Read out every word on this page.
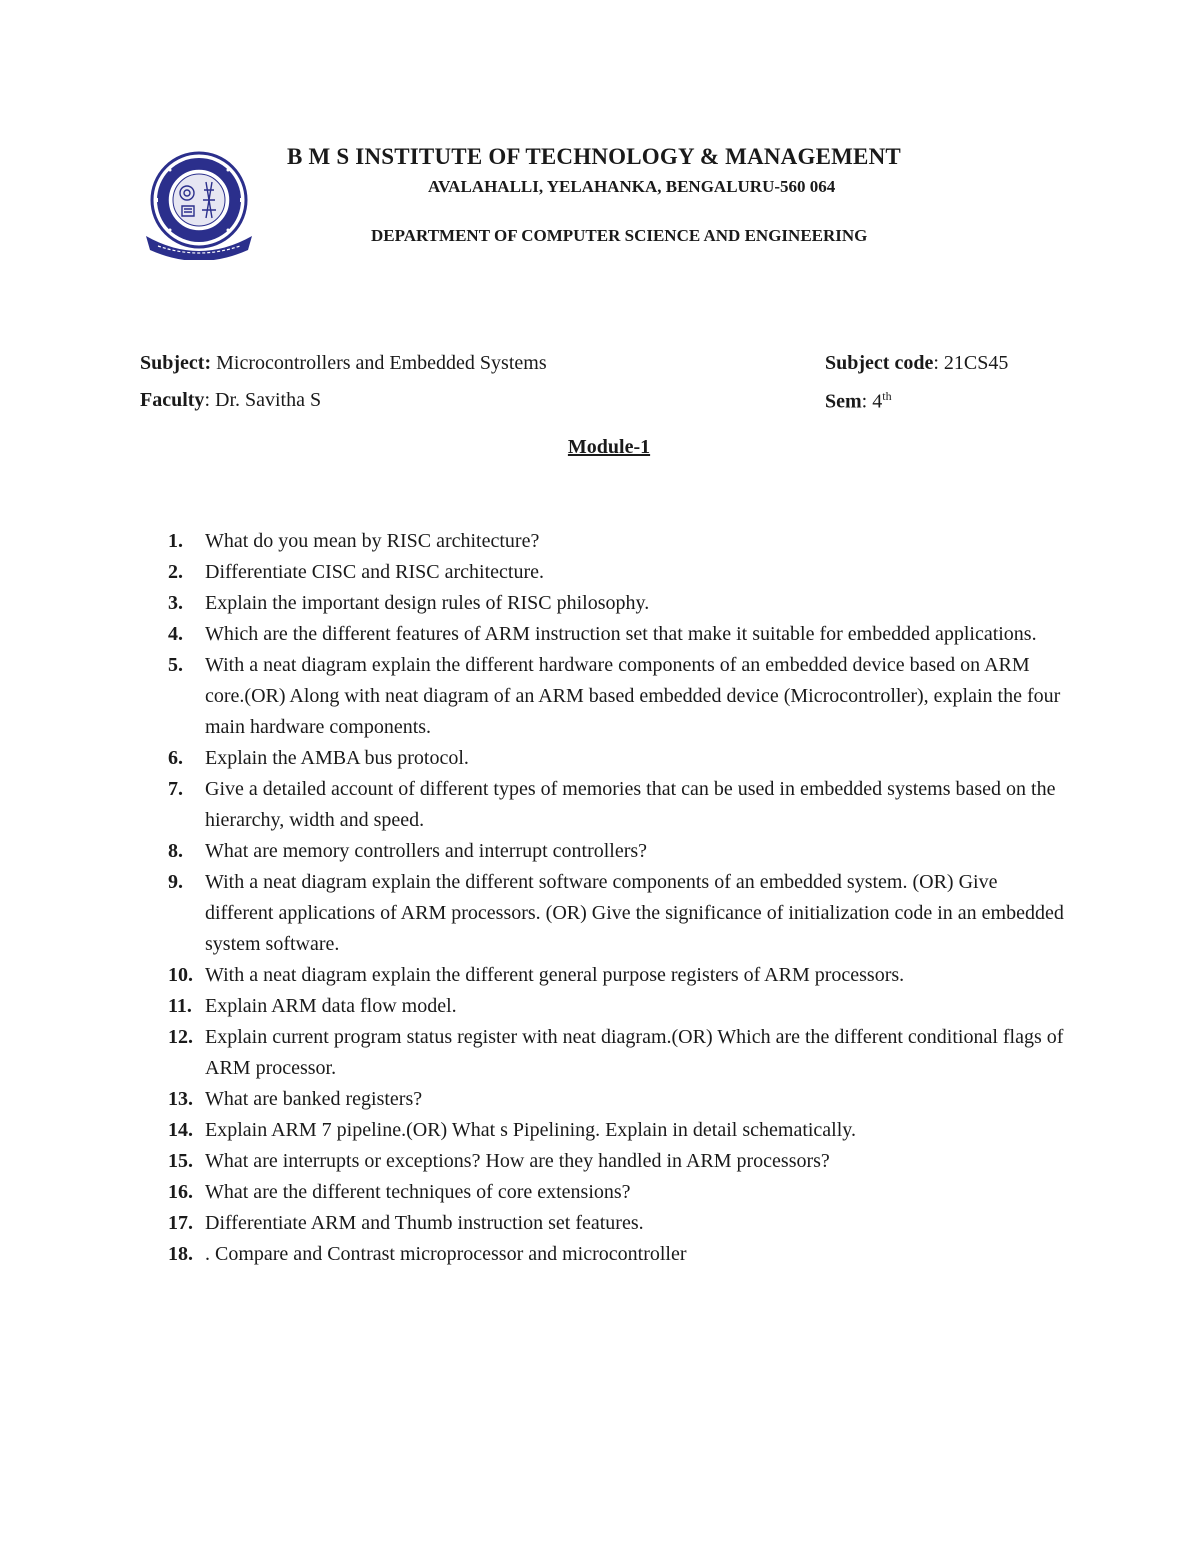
B M S INSTITUTE OF TECHNOLOGY & MANAGEMENT
AVALAHALLI, YELAHANKA, BENGALURU-560 064
DEPARTMENT OF COMPUTER SCIENCE AND ENGINEERING
Subject: Microcontrollers and Embedded Systems	Subject code: 21CS45
Faculty: Dr. Savitha S	Sem: 4th
Module-1
1. What do you mean by RISC architecture?
2. Differentiate CISC and RISC architecture.
3. Explain the important design rules of RISC philosophy.
4. Which are the different features of ARM instruction set that make it suitable for embedded applications.
5. With a neat diagram explain the different hardware components of an embedded device based on ARM core.(OR) Along with neat diagram of an ARM based embedded device (Microcontroller), explain the four main hardware components.
6. Explain the AMBA bus protocol.
7. Give a detailed account of different types of memories that can be used in embedded systems based on the hierarchy, width and speed.
8. What are memory controllers and interrupt controllers?
9. With a neat diagram explain the different software components of an embedded system. (OR) Give different applications of ARM processors. (OR) Give the significance of initialization code in an embedded system software.
10. With a neat diagram explain the different general purpose registers of ARM processors.
11. Explain ARM data flow model.
12. Explain current program status register with neat diagram.(OR) Which are the different conditional flags of ARM processor.
13. What are banked registers?
14. Explain ARM 7 pipeline.(OR) What s Pipelining. Explain in detail schematically.
15. What are interrupts or exceptions? How are they handled in ARM processors?
16. What are the different techniques of core extensions?
17. Differentiate ARM and Thumb instruction set features.
18. . Compare and Contrast microprocessor and microcontroller
